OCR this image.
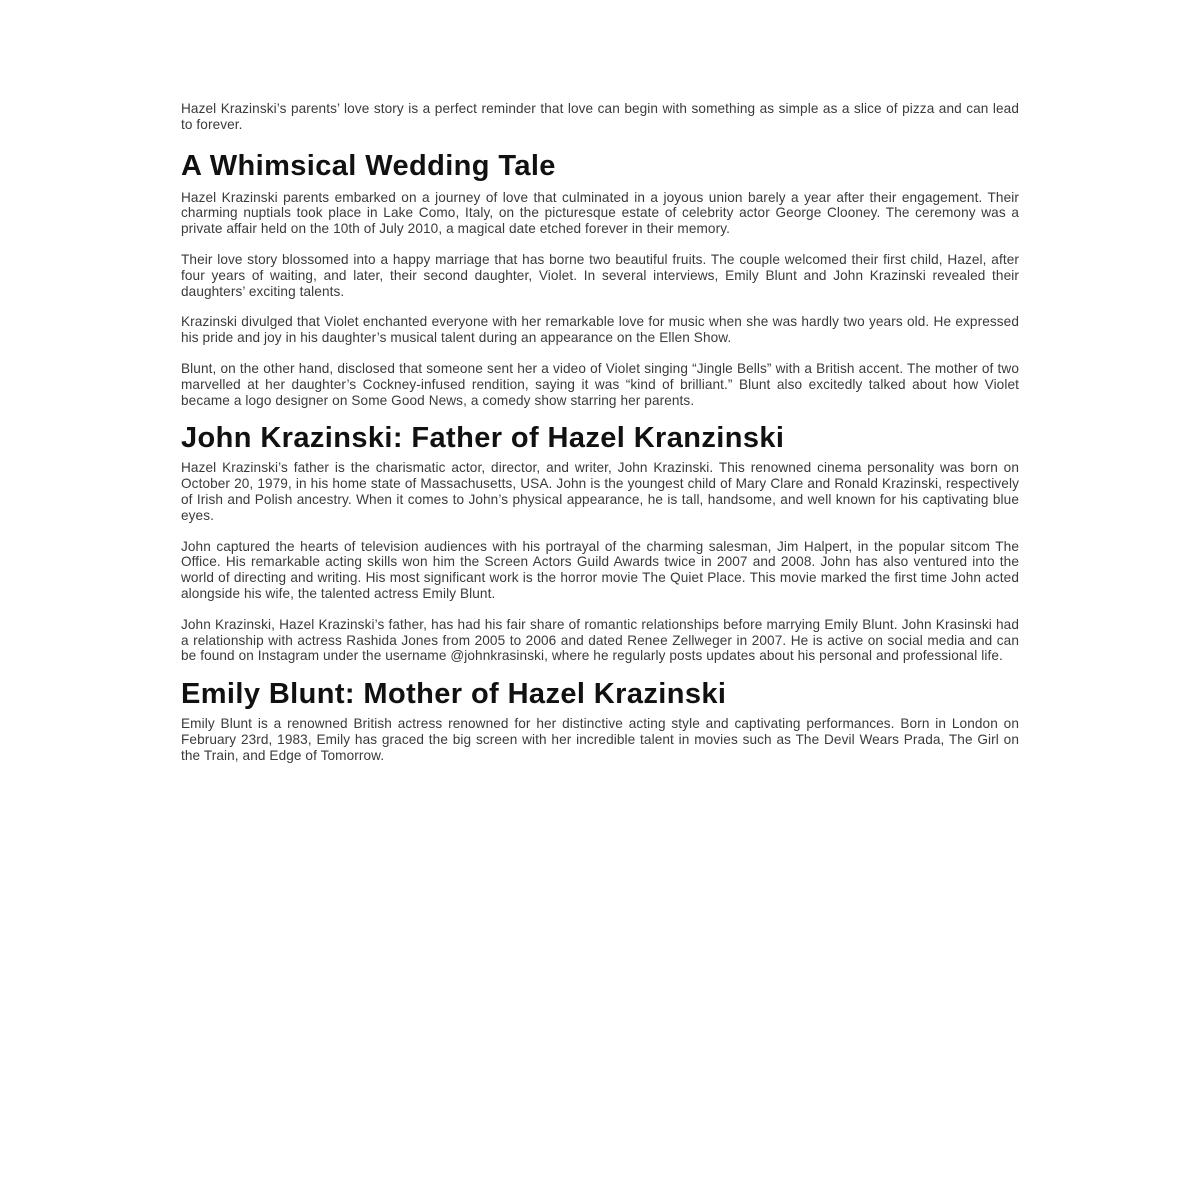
Hazel Krazinski’s parents’ love story is a perfect reminder that love can begin with something as simple as a slice of pizza and can lead to forever.

A Whimsical Wedding Tale

Hazel Krazinski parents embarked on a journey of love that culminated in a joyous union barely a year after their engagement. Their charming nuptials took place in Lake Como, Italy, on the picturesque estate of celebrity actor George Clooney. The ceremony was a private affair held on the 10th of July 2010, a magical date etched forever in their memory.

Their love story blossomed into a happy marriage that has borne two beautiful fruits. The couple welcomed their first child, Hazel, after four years of waiting, and later, their second daughter, Violet. In several interviews, Emily Blunt and John Krazinski revealed their daughters’ exciting talents.

Krazinski divulged that Violet enchanted everyone with her remarkable love for music when she was hardly two years old. He expressed his pride and joy in his daughter’s musical talent during an appearance on the Ellen Show.

Blunt, on the other hand, disclosed that someone sent her a video of Violet singing “Jingle Bells” with a British accent. The mother of two marvelled at her daughter’s Cockney-infused rendition, saying it was “kind of brilliant.” Blunt also excitedly talked about how Violet became a logo designer on Some Good News, a comedy show starring her parents.

John Krazinski: Father of Hazel Kranzinski

Hazel Krazinski’s father is the charismatic actor, director, and writer, John Krazinski. This renowned cinema personality was born on October 20, 1979, in his home state of Massachusetts, USA. John is the youngest child of Mary Clare and Ronald Krazinski, respectively of Irish and Polish ancestry. When it comes to John’s physical appearance, he is tall, handsome, and well known for his captivating blue eyes.

John captured the hearts of television audiences with his portrayal of the charming salesman, Jim Halpert, in the popular sitcom The Office. His remarkable acting skills won him the Screen Actors Guild Awards twice in 2007 and 2008. John has also ventured into the world of directing and writing. His most significant work is the horror movie The Quiet Place. This movie marked the first time John acted alongside his wife, the talented actress Emily Blunt.

John Krazinski, Hazel Krazinski’s father, has had his fair share of romantic relationships before marrying Emily Blunt. John Krasinski had a relationship with actress Rashida Jones from 2005 to 2006 and dated Renee Zellweger in 2007. He is active on social media and can be found on Instagram under the username @johnkrasinski, where he regularly posts updates about his personal and professional life.

Emily Blunt: Mother of Hazel Krazinski

Emily Blunt is a renowned British actress renowned for her distinctive acting style and captivating performances. Born in London on February 23rd, 1983, Emily has graced the big screen with her incredible talent in movies such as The Devil Wears Prada, The Girl on the Train, and Edge of Tomorrow.
